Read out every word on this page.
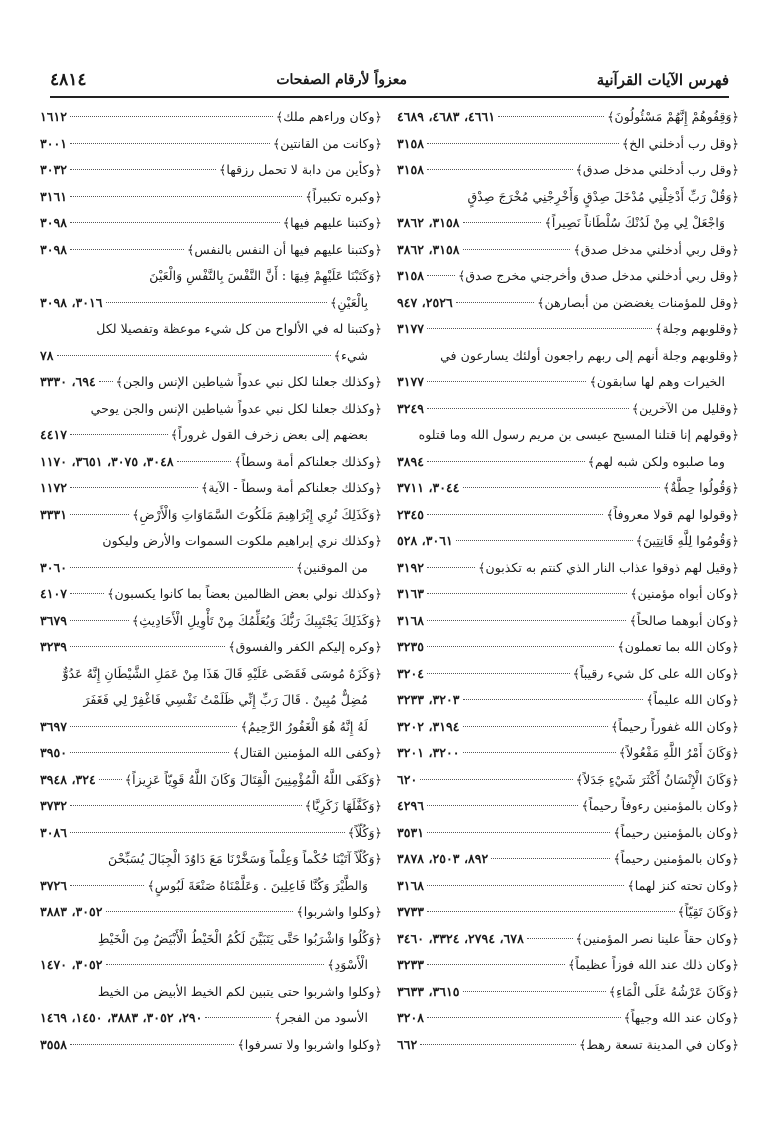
فهرس الآيات القرآنية
معزواً لأرقام الصفحات
٤٨١٤
﴿وَقِفُوهُمْ إِنَّهُمْ مَسْئُولُونَ﴾
٤٦٦١، ٤٦٨٣، ٤٦٨٩
﴿وقل رب أدخلني الخ﴾
٣١٥٨
﴿وقل رب أدخلني مدخل صدق﴾
٣١٥٨
﴿وَقُلْ رَبِّ أَدْخِلْنِي مُدْخَلَ صِدْقٍ وَأَخْرِجْنِي مُخْرَجَ صِدْقٍ
وَاجْعَلْ لِي مِنْ لَدُنْكَ سُلْطَاناً نَصِيراً﴾
٣١٥٨، ٣٨٦٢
﴿وقل ربي أدخلني مدخل صدق﴾
٣١٥٨، ٣٨٦٢
﴿وقل ربي أدخلني مدخل صدق وأخرجني مخرج صدق﴾
٣١٥٨
﴿وقل للمؤمنات يغضضن من أبصارهن﴾
٢٥٢٦، ٩٤٧
﴿وقلوبهم وجلة﴾
٣١٧٧
﴿وقلوبهم وجلة أنهم إلى ربهم راجعون أولئك يسارعون في
الخيرات وهم لها سابقون﴾
٣١٧٧
﴿وقليل من الآخرين﴾
٣٢٤٩
﴿وقولهم إنا قتلنا المسيح عيسى بن مريم رسول الله وما قتلوه
وما صلبوه ولكن شبه لهم﴾
٣٨٩٤
﴿وَقُولُوا حِطَّةٌ﴾
٣٠٤٤، ٣٧١١
﴿وقولوا لهم قولا معروفاً﴾
٢٣٤٥
﴿وَقُومُوا لِلَّهِ قَانِتِينَ﴾
٣٠٦١، ٥٢٨
﴿وقيل لهم ذوقوا عذاب النار الذي كنتم به تكذبون﴾
٣١٩٢
﴿وكان أبواه مؤمنين﴾
٣١٦٣
﴿وكان أبوهما صالحاً﴾
٣١٦٨
﴿وكان الله بما تعملون﴾
٣٢٣٥
﴿وكان الله على كل شيء رقيباً﴾
٣٢٠٤
﴿وكان الله عليماً﴾
٣٢٠٣، ٣٢٣٣
﴿وكان الله غفوراً رحيماً﴾
٣١٩٤، ٣٢٠٢
﴿وَكَانَ أَمْرُ اللَّهِ مَفْعُولاً﴾
٣٢٠٠، ٣٢٠١
﴿وَكَانَ الْإِنْسَانُ أَكْثَرَ شَيْءٍ جَدَلاً﴾
٦٢٠
﴿وكان بالمؤمنين رءوفاً رحيماً﴾
٤٢٩٦
﴿وكان بالمؤمنين رحيماً﴾
٣٥٣١
﴿وكان بالمؤمنين رحيماً﴾
٨٩٢، ٢٥٠٣، ٣٨٧٨
﴿وكان تحته كنز لهما﴾
٣١٦٨
﴿وَكَانَ تَقِيّاً﴾
٣٧٣٣
﴿وكان حقاً علينا نصر المؤمنين﴾
٦٧٨، ٢٧٩٤، ٣٣٢٤، ٣٤٦٠
﴿وكان ذلك عند الله فوزاً عظيماً﴾
٣٢٣٣
﴿وَكَانَ عَرْشُهُ عَلَى الْمَاءِ﴾
٣٦١٥، ٣٦٣٣
﴿وكان عند الله وجيهاً﴾
٣٢٠٨
﴿وكان في المدينة تسعة رهط﴾
٦٦٢
﴿وكان وراءهم ملك﴾
١٦١٢
﴿وكانت من القانتين﴾
٣٠٠١
﴿وكأين من دابة لا تحمل رزقها﴾
٣٠٣٢
﴿وكبره تكبيراً﴾
٣١٦١
﴿وكتبنا عليهم فيها﴾
٣٠٩٨
﴿وكتبنا عليهم فيها أن النفس بالنفس﴾
٣٠٩٨
﴿وَكَتَبْنَا عَلَيْهِمْ فِيهَا : أَنَّ النَّفْسَ بِالنَّفْسِ وَالْعَيْنَ
بِالْعَيْنِ﴾
٣٠١٦، ٣٠٩٨
﴿وكتبنا له في الألواح من كل شيء موعظة وتفصيلا لكل
شيء﴾
٧٨
﴿وكذلك جعلنا لكل نبي عدواً شياطين الإنس والجن﴾
٦٩٤، ٣٣٣٠
﴿وكذلك جعلنا لكل نبي عدواً شياطين الإنس والجن يوحي
بعضهم إلى بعض زخرف القول غروراً﴾
٤٤١٧
﴿وكذلك جعلناكم أمة وسطاً﴾
٣٠٤٨، ٣٠٧٥، ٣٦٥١، ١١٧٠
﴿وكذلك جعلناكم أمة وسطاً - الآية﴾
١١٧٢
﴿وَكَذَلِكَ نُرِي إِبْرَاهِيمَ مَلَكُوتَ السَّمَاوَاتِ وَالْأَرْضِ﴾
٣٣٣١
﴿وكذلك نري إبراهيم ملكوت السموات والأرض وليكون
من الموقنين﴾
٣٠٦٠
﴿وكذلك نولي بعض الظالمين بعضاً بما كانوا يكسبون﴾
٤١٠٧
﴿وَكَذَلِكَ يَجْتَبِيكَ رَبُّكَ وَيُعَلِّمُكَ مِنْ تَأْوِيلِ الْأَحَادِيثِ﴾
٣٦٧٩
﴿وكره إليكم الكفر والفسوق﴾
٣٢٣٩
﴿وَكَزَهُ مُوسَى فَقَضَى عَلَيْهِ قَالَ هَذَا مِنْ عَمَلِ الشَّيْطَانِ إِنَّهُ عَدُوٌّ
مُضِلٌّ مُبِينٌ . قَالَ رَبِّ إِنِّي ظَلَمْتُ نَفْسِي فَاغْفِرْ لِي فَغَفَرَ
لَهُ إِنَّهُ هُوَ الْغَفُورُ الرَّحِيمُ﴾
٣٦٩٧
﴿وكفى الله المؤمنين القتال﴾
٣٩٥٠
﴿وَكَفَى اللَّهُ الْمُؤْمِنِينَ الْقِتَالَ وَكَانَ اللَّهُ قَوِيّاً عَزِيزاً﴾
٣٢٤، ٣٩٤٨
﴿وَكَفَّلَهَا زَكَرِيَّا﴾
٣٧٣٢
﴿وَكُلّاً﴾
٣٠٨٦
﴿وَكُلّاً آتَيْنَا حُكْماً وَعِلْماً وَسَخَّرْنَا مَعَ دَاوُدَ الْجِبَالَ يُسَبِّحْنَ
وَالطَّيْرَ وَكُنَّا فَاعِلِينَ . وَعَلَّمْنَاهُ صَنْعَةَ لَبُوسٍ﴾
٣٧٢٦
﴿وكلوا واشربوا﴾
٣٠٥٢، ٣٨٨٣
﴿وَكُلُوا وَاشْرَبُوا حَتَّى يَتَبَيَّنَ لَكُمُ الْخَيْطُ الْأَبْيَضُ مِنَ الْخَيْطِ
الْأَسْوَدِ﴾
٣٠٥٢، ١٤٧٠
﴿وكلوا واشربوا حتى يتبين لكم الخيط الأبيض من الخيط
الأسود من الفجر﴾
٢٩٠، ٣٠٥٢، ٣٨٨٣، ١٤٥٠، ١٤٦٩
﴿وكلوا واشربوا ولا تسرفوا﴾
٣٥٥٨
